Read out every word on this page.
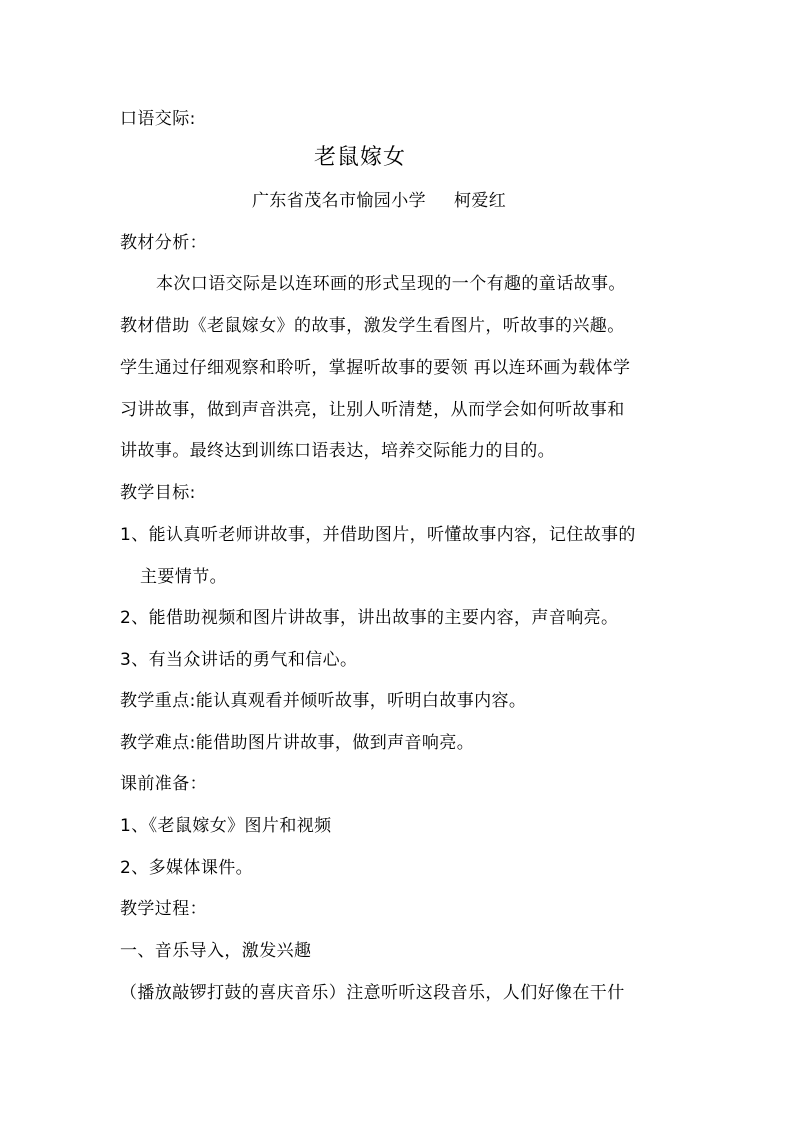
口语交际:
老鼠嫁女
广东省茂名市愉园小学 柯爱红
教材分析：
本次口语交际是以连环画的形式呈现的一个有趣的童话故事。
教材借助《老鼠嫁女》的故事，激发学生看图片，听故事的兴趣。
学生通过仔细观察和聆听，掌握听故事的要领 再以连环画为载体学
习讲故事，做到声音洪亮，让别人听清楚，从而学会如何听故事和
讲故事。最终达到训练口语表达，培养交际能力的目的。
教学目标:
1、能认真听老师讲故事，并借助图片，听懂故事内容，记住故事的
主要情节。
2、能借助视频和图片讲故事，讲出故事的主要内容，声音响亮。
3、有当众讲话的勇气和信心。
教学重点:能认真观看并倾听故事，听明白故事内容。
教学难点:能借助图片讲故事，做到声音响亮。
课前准备：
1、《老鼠嫁女》图片和视频
2、多媒体课件。
教学过程：
一、音乐导入，激发兴趣
（播放敲锣打鼓的喜庆音乐）注意听听这段音乐，人们好像在干什
